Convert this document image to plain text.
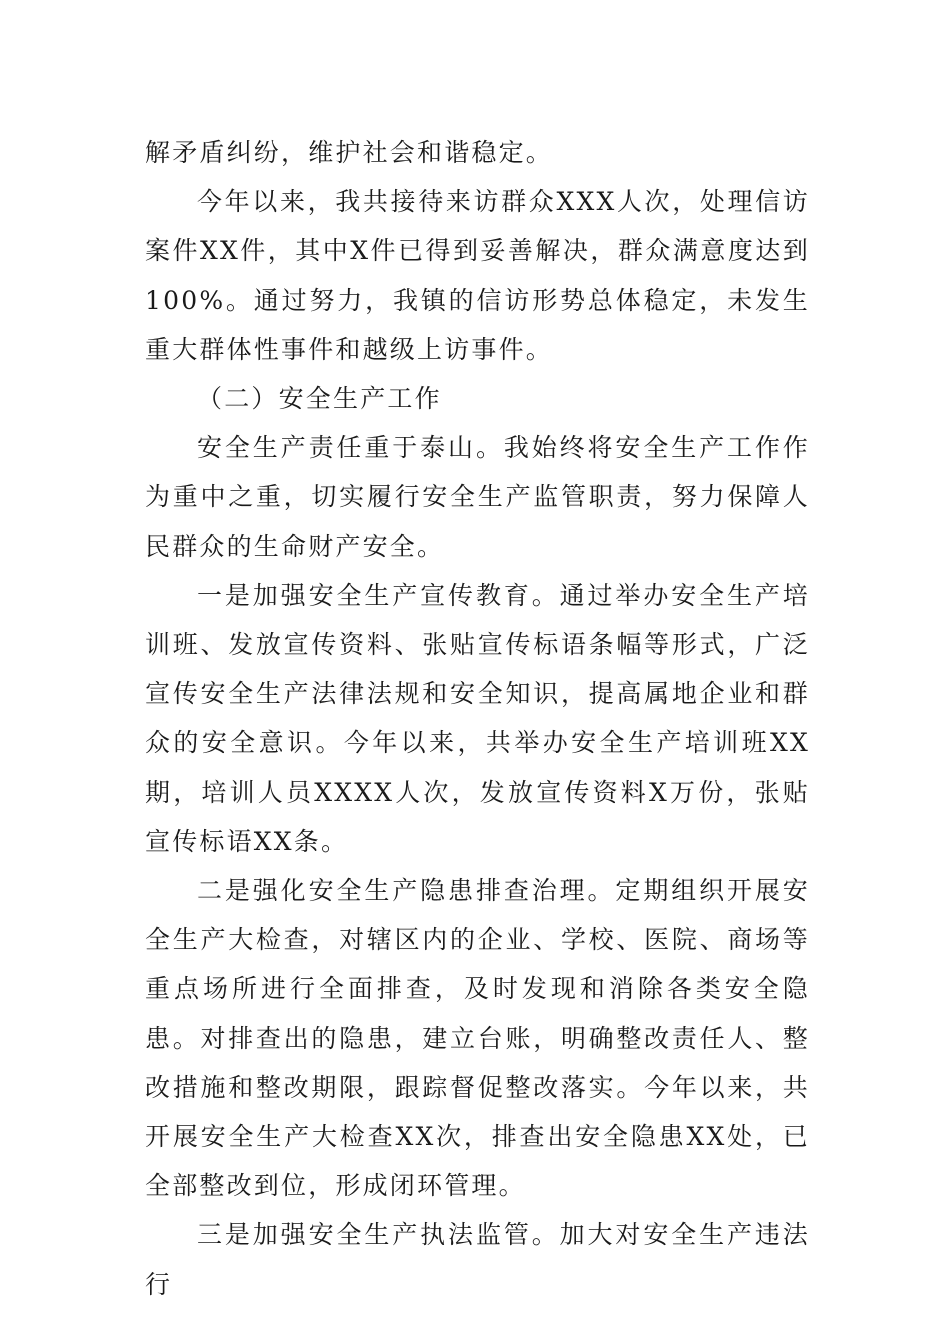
解矛盾纠纷，维护社会和谐稳定。

今年以来，我共接待来访群众XXX人次，处理信访案件XX件，其中X件已得到妥善解决，群众满意度达到100%。通过努力，我镇的信访形势总体稳定，未发生重大群体性事件和越级上访事件。

（二）安全生产工作

安全生产责任重于泰山。我始终将安全生产工作作为重中之重，切实履行安全生产监管职责，努力保障人民群众的生命财产安全。

一是加强安全生产宣传教育。通过举办安全生产培训班、发放宣传资料、张贴宣传标语条幅等形式，广泛宣传安全生产法律法规和安全知识，提高属地企业和群众的安全意识。今年以来，共举办安全生产培训班XX期，培训人员XXXX人次，发放宣传资料X万份，张贴宣传标语XX条。

二是强化安全生产隐患排查治理。定期组织开展安全生产大检查，对辖区内的企业、学校、医院、商场等重点场所进行全面排查，及时发现和消除各类安全隐患。对排查出的隐患，建立台账，明确整改责任人、整改措施和整改期限，跟踪督促整改落实。今年以来，共开展安全生产大检查XX次，排查出安全隐患XX处，已全部整改到位，形成闭环管理。

三是加强安全生产执法监管。加大对安全生产违法行
